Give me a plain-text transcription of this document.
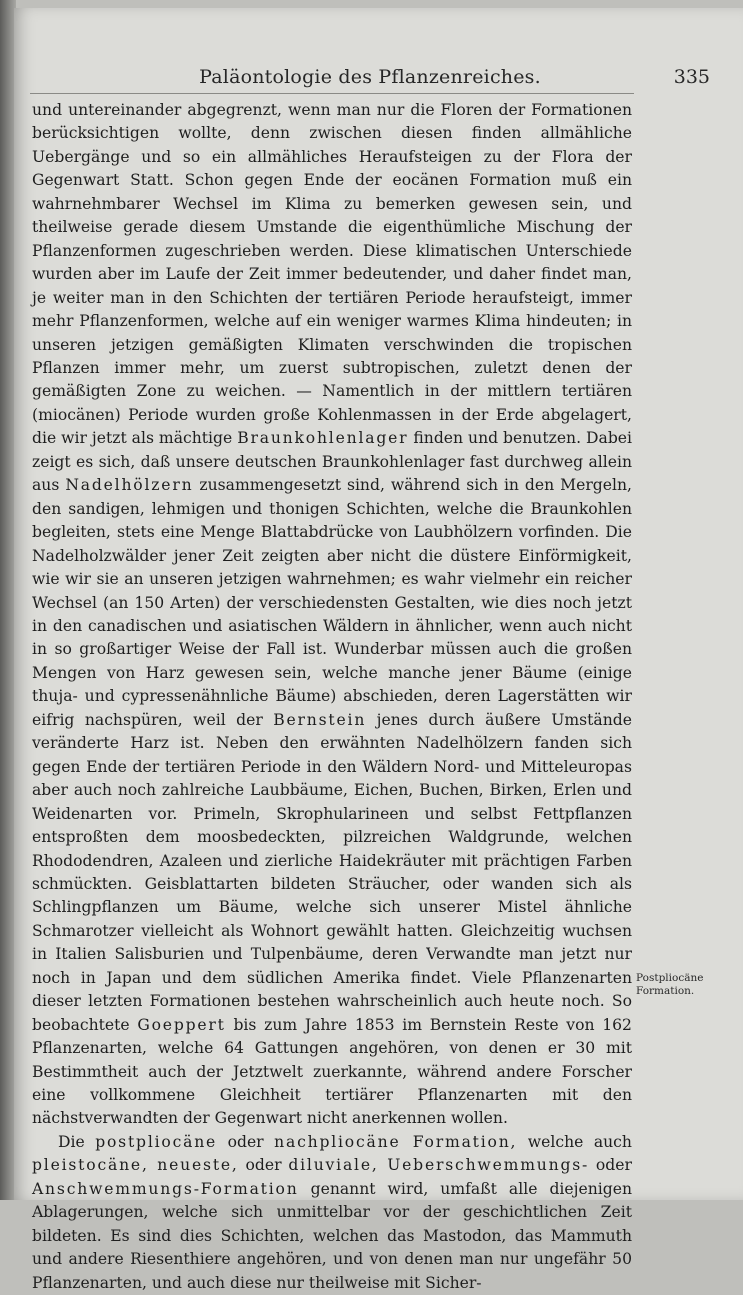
Paläontologie des Pflanzenreiches.	335

und untereinander abgegrenzt, wenn man nur die Floren der Formationen berücksichtigen wollte, denn zwischen diesen finden allmähliche Uebergänge und so ein allmähliches Heraufsteigen zu der Flora der Gegenwart Statt. Schon gegen Ende der eocänen Formation muß ein wahrnehmbarer Wechsel im Klima zu bemerken gewesen sein, und theilweise gerade diesem Umstande die eigenthümliche Mischung der Pflanzenformen zugeschrieben werden. Diese klimatischen Unterschiede wurden aber im Laufe der Zeit immer bedeutender, und daher findet man, je weiter man in den Schichten der tertiären Periode heraufsteigt, immer mehr Pflanzenformen, welche auf ein weniger warmes Klima hindeuten; in unseren jetzigen gemäßigten Klimaten verschwinden die tropischen Pflanzen immer mehr, um zuerst subtropischen, zuletzt denen der gemäßigten Zone zu weichen. — Namentlich in der mittlern tertiären (miocänen) Periode wurden große Kohlenmassen in der Erde abgelagert, die wir jetzt als mächtige Braunkohlenlager finden und benutzen. Dabei zeigt es sich, daß unsere deutschen Braunkohlenlager fast durchweg allein aus Nadelhölzern zusammengesetzt sind, während sich in den Mergeln, den sandigen, lehmigen und thonigen Schichten, welche die Braunkohlen begleiten, stets eine Menge Blattabdrücke von Laubhölzern vorfinden. Die Nadelholzwälder jener Zeit zeigten aber nicht die düstere Einförmigkeit, wie wir sie an unseren jetzigen wahrnehmen; es wahr vielmehr ein reicher Wechsel (an 150 Arten) der verschiedensten Gestalten, wie dies noch jetzt in den canadischen und asiatischen Wäldern in ähnlicher, wenn auch nicht in so großartiger Weise der Fall ist. Wunderbar müssen auch die großen Mengen von Harz gewesen sein, welche manche jener Bäume (einige thuja- und cypressenähnliche Bäume) abschieden, deren Lagerstätten wir eifrig nachspüren, weil der Bernstein jenes durch äußere Umstände veränderte Harz ist. Neben den erwähnten Nadelhölzern fanden sich gegen Ende der tertiären Periode in den Wäldern Nord- und Mitteleuropas aber auch noch zahlreiche Laubbäume, Eichen, Buchen, Birken, Erlen und Weidenarten vor. Primeln, Skrophularineen und selbst Fettpflanzen entsproßten dem moosbedeckten, pilzreichen Waldgrunde, welchen Rhododendren, Azaleen und zierliche Haidekräuter mit prächtigen Farben schmückten. Geisblattarten bildeten Sträucher, oder wanden sich als Schlingpflanzen um Bäume, welche sich unserer Mistel ähnliche Schmarotzer vielleicht als Wohnort gewählt hatten. Gleichzeitig wuchsen in Italien Salisburien und Tulpenbäume, deren Verwandte man jetzt nur noch in Japan und dem südlichen Amerika findet. Viele Pflanzenarten dieser letzten Formationen bestehen wahrscheinlich auch heute noch. So beobachtete Goeppert bis zum Jahre 1853 im Bernstein Reste von 162 Pflanzenarten, welche 64 Gattungen angehören, von denen er 30 mit Bestimmtheit auch der Jetztwelt zuerkannte, während andere Forscher eine vollkommene Gleichheit tertiärer Pflanzenarten mit den nächstverwandten der Gegenwart nicht anerkennen wollen.

Die postpliocäne oder nachpliocäne Formation, welche auch pleistocäne, neueste, oder diluviale, Ueberschwemmungs- oder Anschwemmungs-Formation genannt wird, umfaßt alle diejenigen Ablagerungen, welche sich unmittelbar vor der geschichtlichen Zeit bildeten. Es sind dies Schichten, welchen das Mastodon, das Mammuth und andere Riesenthiere angehören, und von denen man nur ungefähr 50 Pflanzenarten, und auch diese nur theilweise mit Sicher-

Postpliocäne
Formation.
